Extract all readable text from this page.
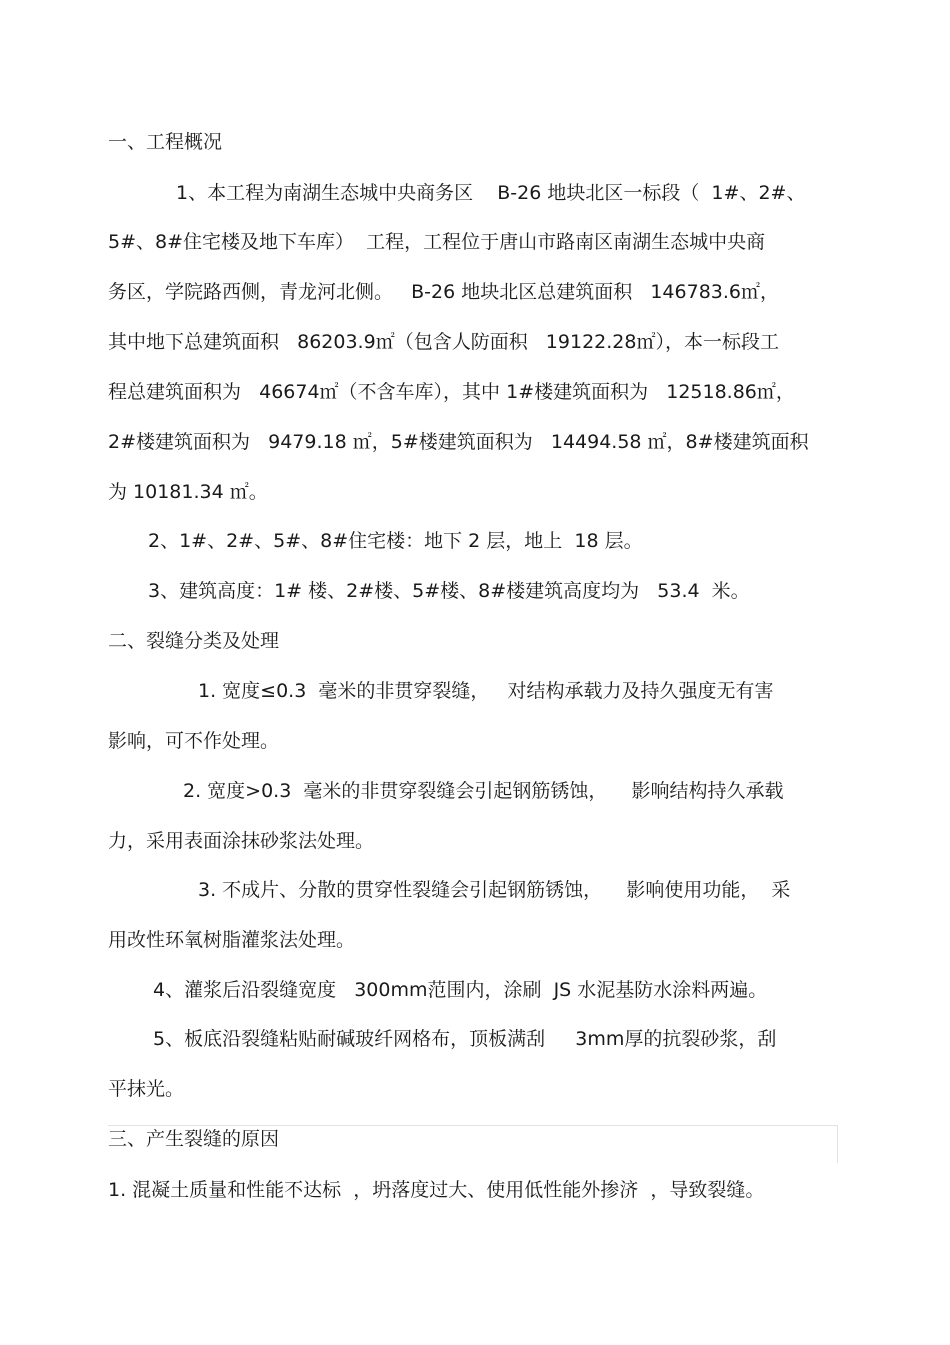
一、工程概况
1、本工程为南湖生态城中央商务区    B-26 地块北区一标段（  1#、2#、
5#、8#住宅楼及地下车库）  工程，工程位于唐山市路南区南湖生态城中央商
务区，学院路西侧，青龙河北侧。   B-26 地块北区总建筑面积   146783.6㎡，
其中地下总建筑面积   86203.9㎡（包含人防面积   19122.28㎡），本一标段工
程总建筑面积为   46674㎡（不含车库），其中 1#楼建筑面积为   12518.86㎡，
2#楼建筑面积为   9479.18 ㎡，5#楼建筑面积为   14494.58 ㎡，8#楼建筑面积
为 10181.34 ㎡。
2、1#、2#、5#、8#住宅楼：地下 2 层，地上  18 层。
3、建筑高度：1# 楼、2#楼、5#楼、8#楼建筑高度均为   53.4  米。
二、裂缝分类及处理
1. 宽度≤0.3  毫米的非贯穿裂缝，   对结构承载力及持久强度无有害
影响，可不作处理。
2. 宽度>0.3  毫米的非贯穿裂缝会引起钢筋锈蚀，    影响结构持久承载
力，采用表面涂抹砂浆法处理。
3. 不成片、分散的贯穿性裂缝会引起钢筋锈蚀，    影响使用功能，  采
用改性环氧树脂灌浆法处理。
4、灌浆后沿裂缝宽度   300mm范围内，涂刷  JS 水泥基防水涂料两遍。
5、板底沿裂缝粘贴耐碱玻纤网格布，顶板满刮     3mm厚的抗裂砂浆，刮
平抹光。
三、产生裂缝的原因
1. 混凝土质量和性能不达标  ，坍落度过大、使用低性能外掺济  ，导致裂缝。
